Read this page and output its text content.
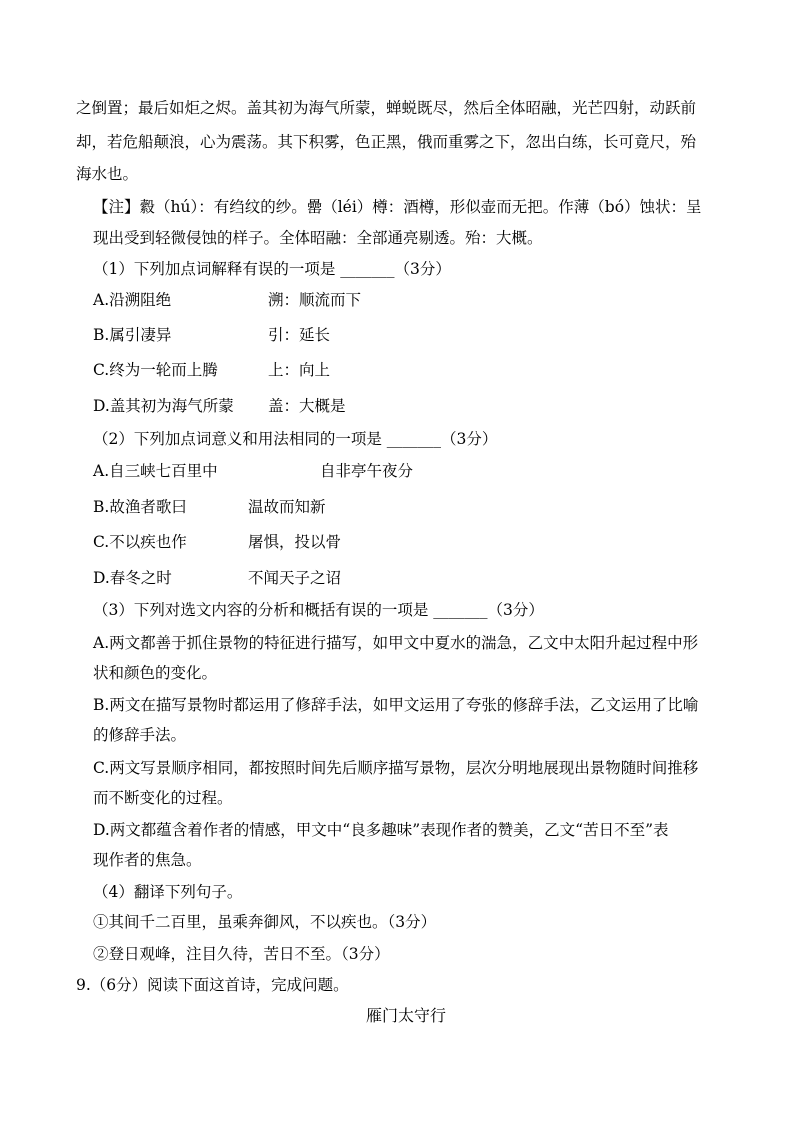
之倒置；最后如炬之烬。盖其初为海气所蒙，蝉蜕既尽，然后全体昭融，光芒四射，动跃前
却，若危船颠浪，心为震荡。其下积雾，色正黑，俄而重雾之下，忽出白练，长可竟尺，殆
海水也。
【注】縠（hú）：有绉纹的纱。罍（léi）樽：酒樽，形似壶而无把。作薄（bó）蚀状：呈
现出受到轻微侵蚀的样子。全体昭融：全部通亮剔透。殆：大概。
（1）下列加点词解释有误的一项是 _______（3分）
A.沿溯阻绝	溯：顺流而下
B.属引凄异	引：延长
C.终为一轮而上腾	上：向上
D.盖其初为海气所蒙 盖：大概是
（2）下列加点词意义和用法相同的一项是 _______（3分）
A.自三峡七百里中	自非亭午夜分
B.故渔者歌曰	温故而知新
C.不以疾也作	屠惧，投以骨
D.春冬之时	不闻天子之诏
（3）下列对选文内容的分析和概括有误的一项是 _______（3分）
A.两文都善于抓住景物的特征进行描写，如甲文中夏水的湍急，乙文中太阳升起过程中形
状和颜色的变化。
B.两文在描写景物时都运用了修辞手法，如甲文运用了夸张的修辞手法，乙文运用了比喻
的修辞手法。
C.两文写景顺序相同，都按照时间先后顺序描写景物，层次分明地展现出景物随时间推移
而不断变化的过程。
D.两文都蕴含着作者的情感，甲文中“良多趣味”表现作者的赞美，乙文“苦日不至”表
现作者的焦急。
（4）翻译下列句子。
①其间千二百里，虽乘奔御风，不以疾也。（3分）
②登日观峰，注目久待，苦日不至。（3分）
9.（6分）阅读下面这首诗，完成问题。
雁门太守行
